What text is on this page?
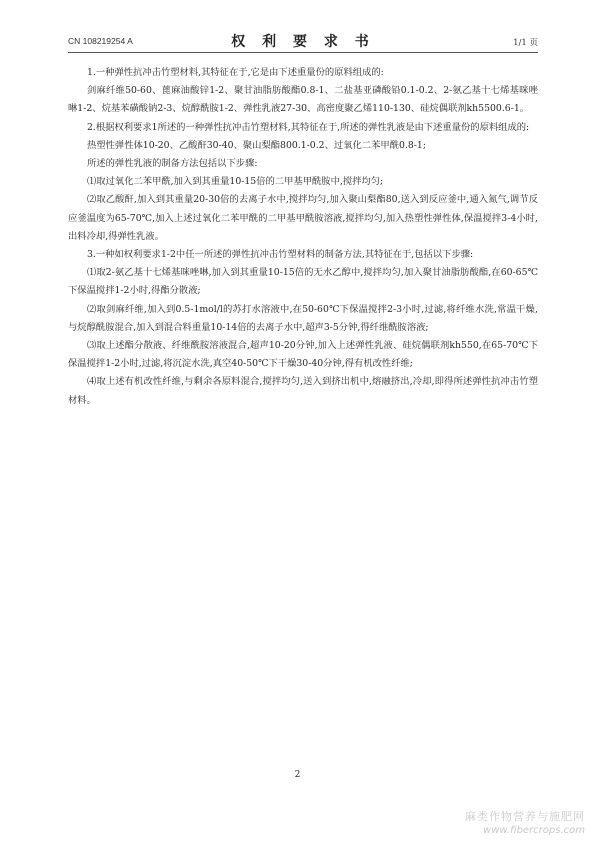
CN 108219254 A	权 利 要 求 书	1/1 页

1.一种弹性抗冲击竹塑材料,其特征在于,它是由下述重量份的原料组成的:

剑麻纤维50-60、蓖麻油酸锌1-2、聚甘油脂肪酸酯0.8-1、二盐基亚磷酸铅0.1-0.2、2-氨乙基十七烯基咪唑啉1-2、烷基苯磺酸钠2-3、烷醇酰胺1-2、弹性乳液27-30、高密度聚乙烯110-130、硅烷偶联剂kh5500.6-1。

2.根据权利要求1所述的一种弹性抗冲击竹塑材料,其特征在于,所述的弹性乳液是由下述重量份的原料组成的:

热塑性弹性体10-20、乙酸酐30-40、聚山梨酯800.1-0.2、过氧化二苯甲酰0.8-1;

所述的弹性乳液的制备方法包括以下步骤:

⑴取过氧化二苯甲酰,加入到其重量10-15倍的二甲基甲酰胺中,搅拌均匀;

⑵取乙酸酐,加入到其重量20-30倍的去离子水中,搅拌均匀,加入聚山梨酯80,送入到反应釜中,通入氮气,调节反应釜温度为65-70℃,加入上述过氧化二苯甲酰的二甲基甲酰胺溶液,搅拌均匀,加入热塑性弹性体,保温搅拌3-4小时,出料冷却,得弹性乳液。

3.一种如权利要求1-2中任一所述的弹性抗冲击竹塑材料的制备方法,其特征在于,包括以下步骤:

⑴取2-氨乙基十七烯基咪唑啉,加入到其重量10-15倍的无水乙醇中,搅拌均匀,加入聚甘油脂肪酸酯,在60-65℃下保温搅拌1-2小时,得酯分散液;

⑵取剑麻纤维,加入到0.5-1mol/l的苏打水溶液中,在50-60℃下保温搅拌2-3小时,过滤,将纤维水洗,常温干燥,与烷醇酰胺混合,加入到混合料重量10-14倍的去离子水中,超声3-5分钟,得纤维酰胺溶液;

⑶取上述酯分散液、纤维酰胺溶液混合,超声10-20分钟,加入上述弹性乳液、硅烷偶联剂kh550,在65-70℃下保温搅拌1-2小时,过滤,将沉淀水洗,真空40-50℃下干燥30-40分钟,得有机改性纤维;

⑷取上述有机改性纤维,与剩余各原料混合,搅拌均匀,送入到挤出机中,熔融挤出,冷却,即得所述弹性抗冲击竹塑材料。

2
麻类作物营养与施肥网
www.fibercrops.com
